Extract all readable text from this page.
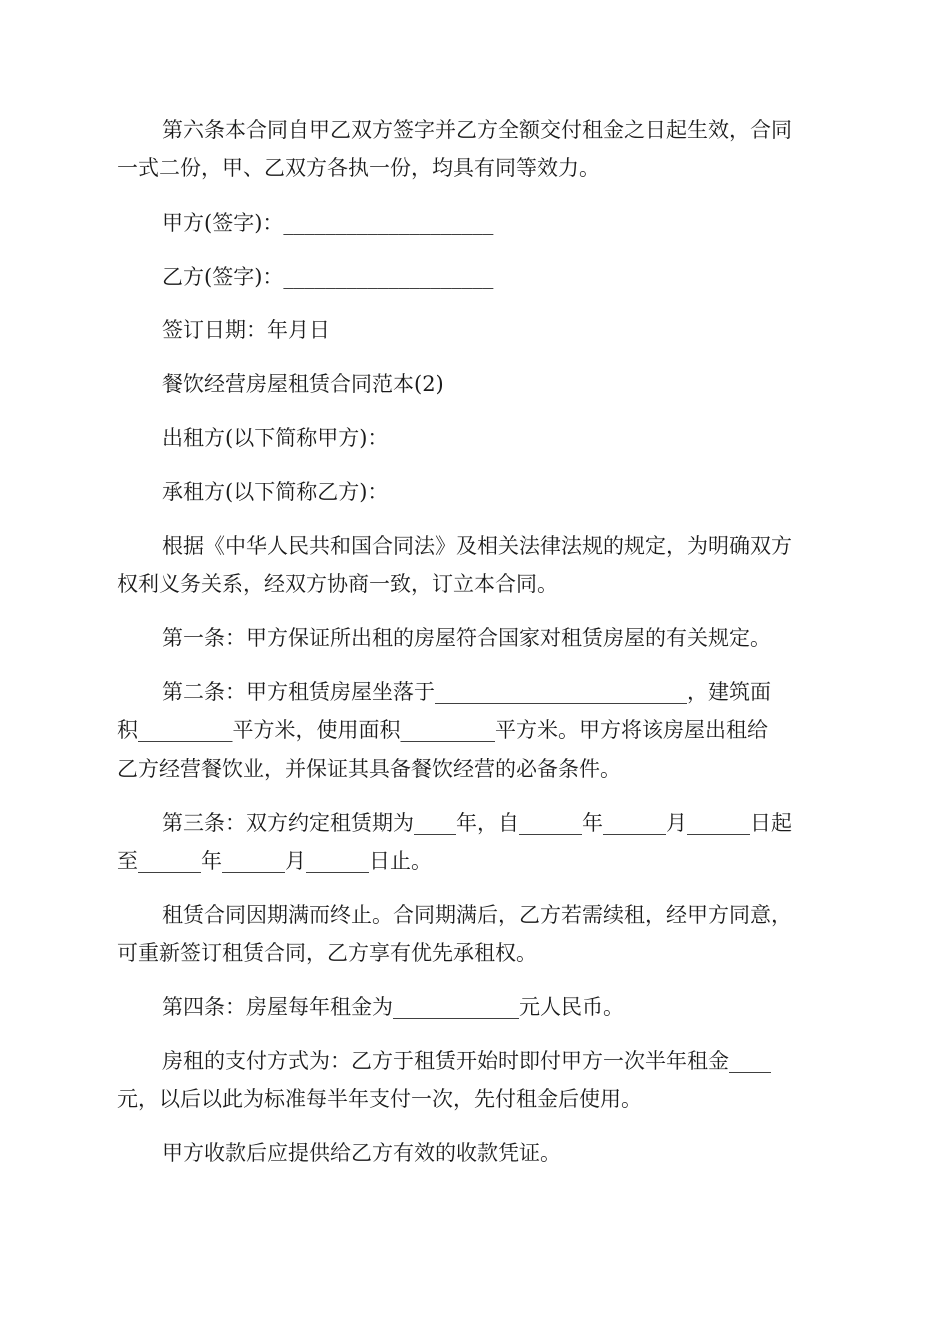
第六条本合同自甲乙双方签字并乙方全额交付租金之日起生效，合同
一式二份，甲、乙双方各执一份，均具有同等效力。
甲方(签字)：____________________
乙方(签字)：____________________
签订日期：年月日
餐饮经营房屋租赁合同范本(2)
出租方(以下简称甲方)：
承租方(以下简称乙方)：
根据《中华人民共和国合同法》及相关法律法规的规定，为明确双方
权利义务关系，经双方协商一致，订立本合同。
第一条：甲方保证所出租的房屋符合国家对租赁房屋的有关规定。
第二条：甲方租赁房屋坐落于________________________，建筑面
积_________平方米，使用面积_________平方米。甲方将该房屋出租给
乙方经营餐饮业，并保证其具备餐饮经营的必备条件。
第三条：双方约定租赁期为____年，自______年______月______日起
至______年______月______日止。
租赁合同因期满而终止。合同期满后，乙方若需续租，经甲方同意，
可重新签订租赁合同，乙方享有优先承租权。
第四条：房屋每年租金为____________元人民币。
房租的支付方式为：乙方于租赁开始时即付甲方一次半年租金____
元，以后以此为标准每半年支付一次，先付租金后使用。
甲方收款后应提供给乙方有效的收款凭证。
